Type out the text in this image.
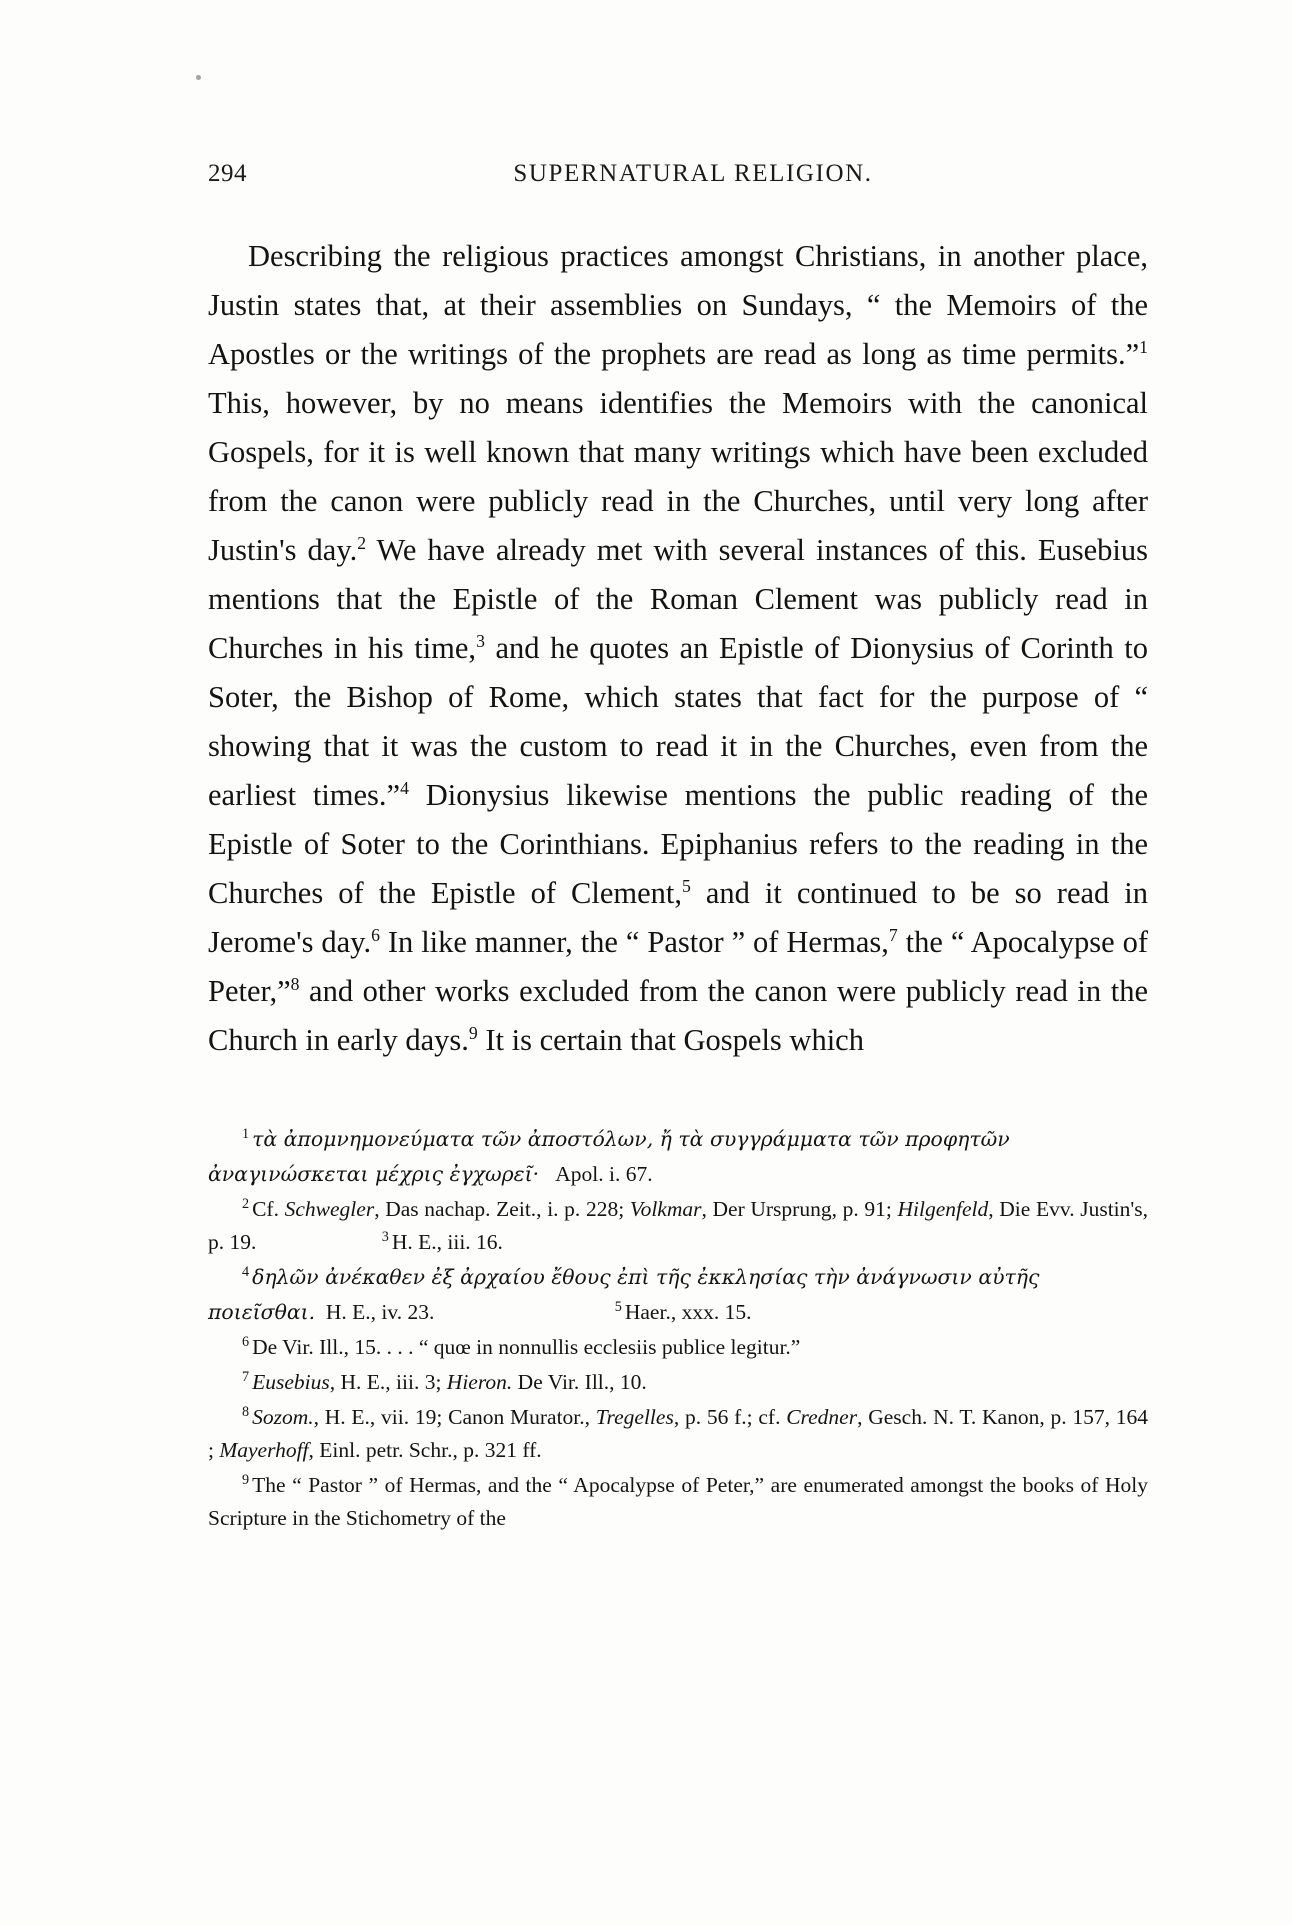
294	SUPERNATURAL RELIGION.

Describing the religious practices amongst Christians, in another place, Justin states that, at their assemblies on Sundays, “ the Memoirs of the Apostles or the writings of the prophets are read as long as time permits.”$^1$ This, however, by no means identifies the Memoirs with the canonical Gospels, for it is well known that many writings which have been excluded from the canon were publicly read in the Churches, until very long after Justin's day.$^2$ We have already met with several instances of this. Eusebius mentions that the Epistle of the Roman Clement was publicly read in Churches in his time,$^3$ and he quotes an Epistle of Dionysius of Corinth to Soter, the Bishop of Rome, which states that fact for the purpose of “ showing that it was the custom to read it in the Churches, even from the earliest times.”$^4$ Dionysius likewise mentions the public reading of the Epistle of Soter to the Corinthians. Epiphanius refers to the reading in the Churches of the Epistle of Clement,$^5$ and it continued to be so read in Jerome's day.$^6$ In like manner, the “ Pastor ” of Hermas,$^7$ the “ Apocalypse of Peter,”$^8$ and other works excluded from the canon were publicly read in the Church in early days.$^9$ It is certain that Gospels which

$^1$ τὰ ἀπομνημονεύματα τῶν ἀποστόλων, ἤ τὰ συγγράμματα τῶν προφητῶν

ἀναγινώσκεται μέχρις ἐγχωρεῖ· Apol. i. 67.

$^2$ Cf. Schwegler, Das nachap. Zeit., i. p. 228; Volkmar, Der Ursprung, p. 91; Hilgenfeld, Die Evv. Justin's, p. 19.	$^3$ H. E., iii. 16.

$^4$ δηλῶν ἀνέκαθεν ἐξ ἀρχαίου ἔθους ἐπὶ τῆς ἐκκλησίας τὴν ἀνάγνωσιν αὐτῆς

ποιεῖσθαι. H. E., iv. 23.	$^5$ Haer., xxx. 15.

$^6$ De Vir. Ill., 15. . . . “ quœ in nonnullis ecclesiis publice legitur.”

$^7$ Eusebius, H. E., iii. 3; Hieron. De Vir. Ill., 10.

$^8$ Sozom., H. E., vii. 19; Canon Murator., Tregelles, p. 56 f.; cf. Credner, Gesch. N. T. Kanon, p. 157, 164 ; Mayerhoff, Einl. petr. Schr., p. 321 ff.

$^9$ The “ Pastor ” of Hermas, and the “ Apocalypse of Peter,” are enumerated amongst the books of Holy Scripture in the Stichometry of the
